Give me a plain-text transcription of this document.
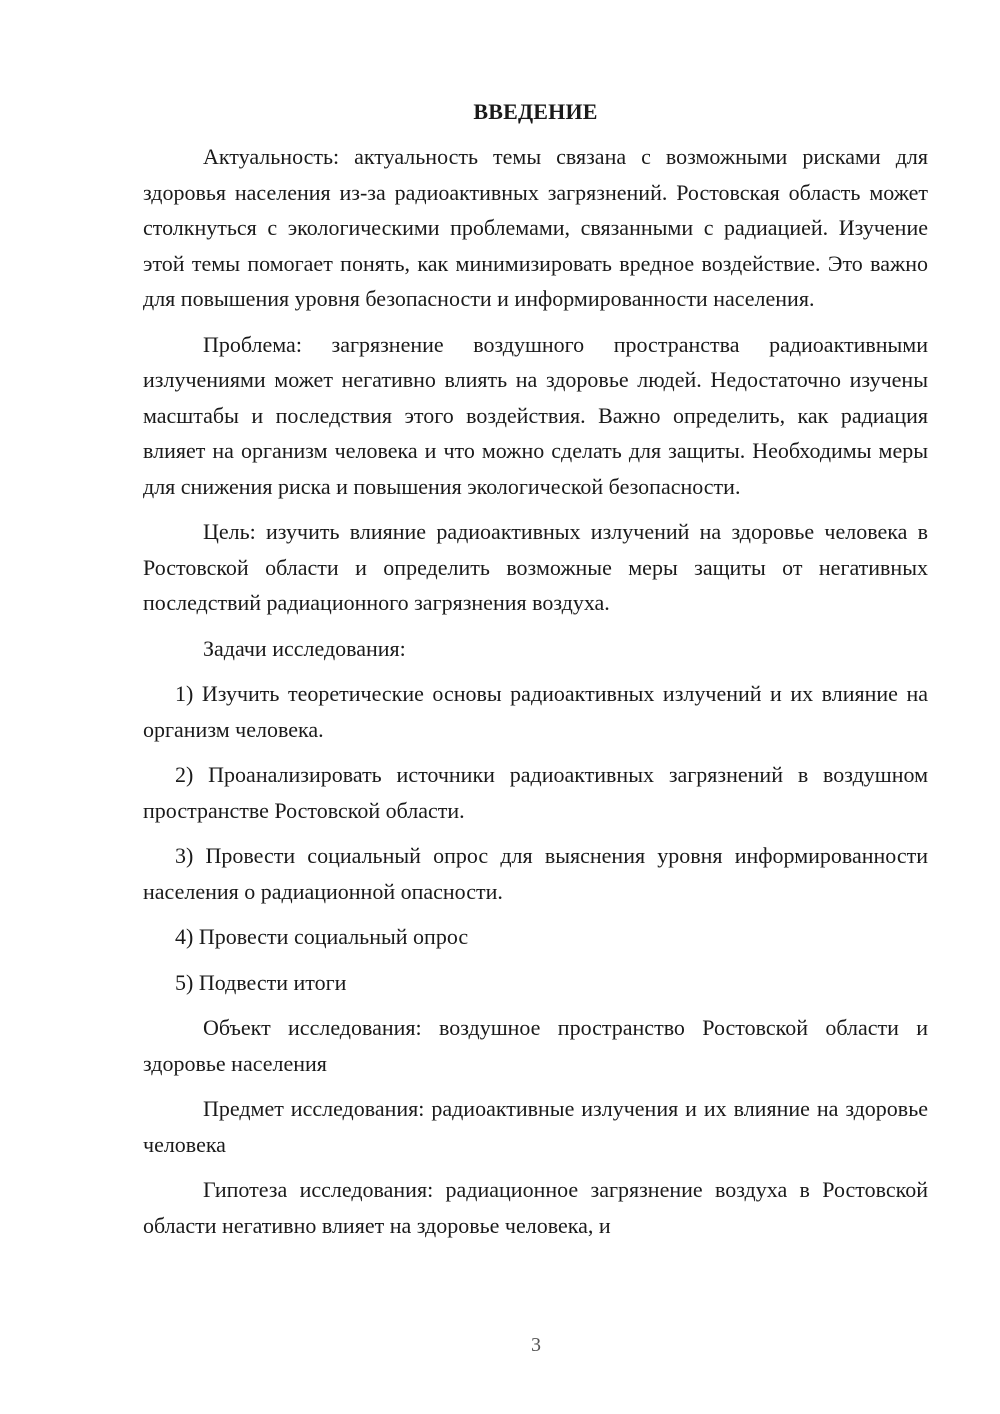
ВВЕДЕНИЕ

Актуальность: актуальность темы связана с возможными рисками для здоровья населения из-за радиоактивных загрязнений. Ростовская область может столкнуться с экологическими проблемами, связанными с радиацией. Изучение этой темы помогает понять, как минимизировать вредное воздействие. Это важно для повышения уровня безопасности и информированности населения.

Проблема: загрязнение воздушного пространства радиоактивными излучениями может негативно влиять на здоровье людей. Недостаточно изучены масштабы и последствия этого воздействия. Важно определить, как радиация влияет на организм человека и что можно сделать для защиты. Необходимы меры для снижения риска и повышения экологической безопасности.

Цель: изучить влияние радиоактивных излучений на здоровье человека в Ростовской области и определить возможные меры защиты от негативных последствий радиационного загрязнения воздуха.

Задачи исследования:

1) Изучить теоретические основы радиоактивных излучений и их влияние на организм человека.

2) Проанализировать источники радиоактивных загрязнений в воздушном пространстве Ростовской области.

3) Провести социальный опрос для выяснения уровня информированности населения о радиационной опасности.

4) Провести социальный опрос

5) Подвести итоги

Объект исследования: воздушное пространство Ростовской области и здоровье населения

Предмет исследования: радиоактивные излучения и их влияние на здоровье человека

Гипотеза исследования: радиационное загрязнение воздуха в Ростовской области негативно влияет на здоровье человека, и

3
